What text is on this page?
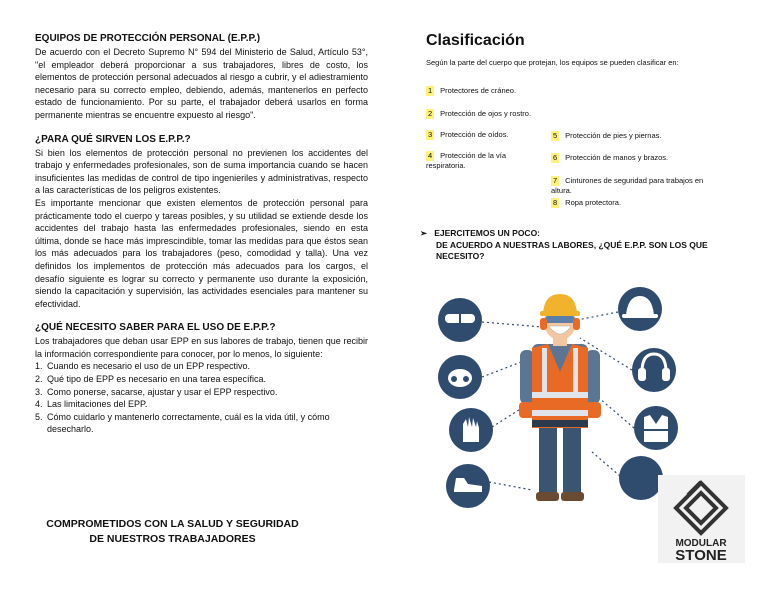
EQUIPOS DE PROTECCIÓN PERSONAL (E.P.P.)

De acuerdo con el Decreto Supremo N° 594 del Ministerio de Salud, Artículo 53°, "el empleador deberá proporcionar a sus trabajadores, libres de costo, los elementos de protección personal adecuados al riesgo a cubrir, y el adiestramiento necesario para su correcto empleo, debiendo, además, mantenerlos en perfecto estado de funcionamiento. Por su parte, el trabajador deberá usarlos en forma permanente mientras se encuentre expuesto al riesgo".

¿PARA QUÉ SIRVEN LOS E.P.P.?

Si bien los elementos de protección personal no previenen los accidentes del trabajo y enfermedades profesionales, son de suma importancia cuando se hacen insuficientes las medidas de control de tipo ingenieriles y administrativas, respecto a las características de los peligros existentes.

Es importante mencionar que existen elementos de protección personal para prácticamente todo el cuerpo y tareas posibles, y su utilidad se extiende desde los accidentes del trabajo hasta las enfermedades profesionales, siendo en esta última, donde se hace más imprescindible, tomar las medidas para que éstos sean los más adecuados para los trabajadores (peso, comodidad y talla). Una vez definidos los implementos de protección más adecuados para los cargos, el desafío siguiente es lograr su correcto y permanente uso durante la exposición, siendo la capacitación y supervisión, las actividades esenciales para mantener su efectividad.

¿QUÉ NECESITO SABER PARA EL USO DE E.P.P.?

Los trabajadores que deban usar EPP en sus labores de trabajo, tienen que recibir la información correspondiente para conocer, por lo menos, lo siguiente:

1. Cuando es necesario el uso de un EPP respectivo.
2. Qué tipo de EPP es necesario en una tarea específica.
3. Como ponerse, sacarse, ajustar y usar el EPP respectivo.
4. Las limitaciones del EPP.
5. Cómo cuidarlo y mantenerlo correctamente, cuál es la vida útil, y cómo desecharlo.
COMPROMETIDOS CON LA SALUD Y SEGURIDAD
DE NUESTROS TRABAJADORES
Clasificación
Según la parte del cuerpo que protejan, los equipos se pueden clasificar en:
1 Protectores de cráneo.
2 Protección de ojos y rostro.
3 Protección de oídos.
4 Protección de la vía respiratoria.
5 Protección de pies y piernas.
6 Protección de manos y brazos.
7 Cinturones de seguridad para trabajos en altura.
8 Ropa protectora.
➢ EJERCITEMOS UN POCO:
DE ACUERDO A NUESTRAS LABORES, ¿QUÉ E.P.P. SON LOS QUE NECESITO?
MODULAR
STONE
